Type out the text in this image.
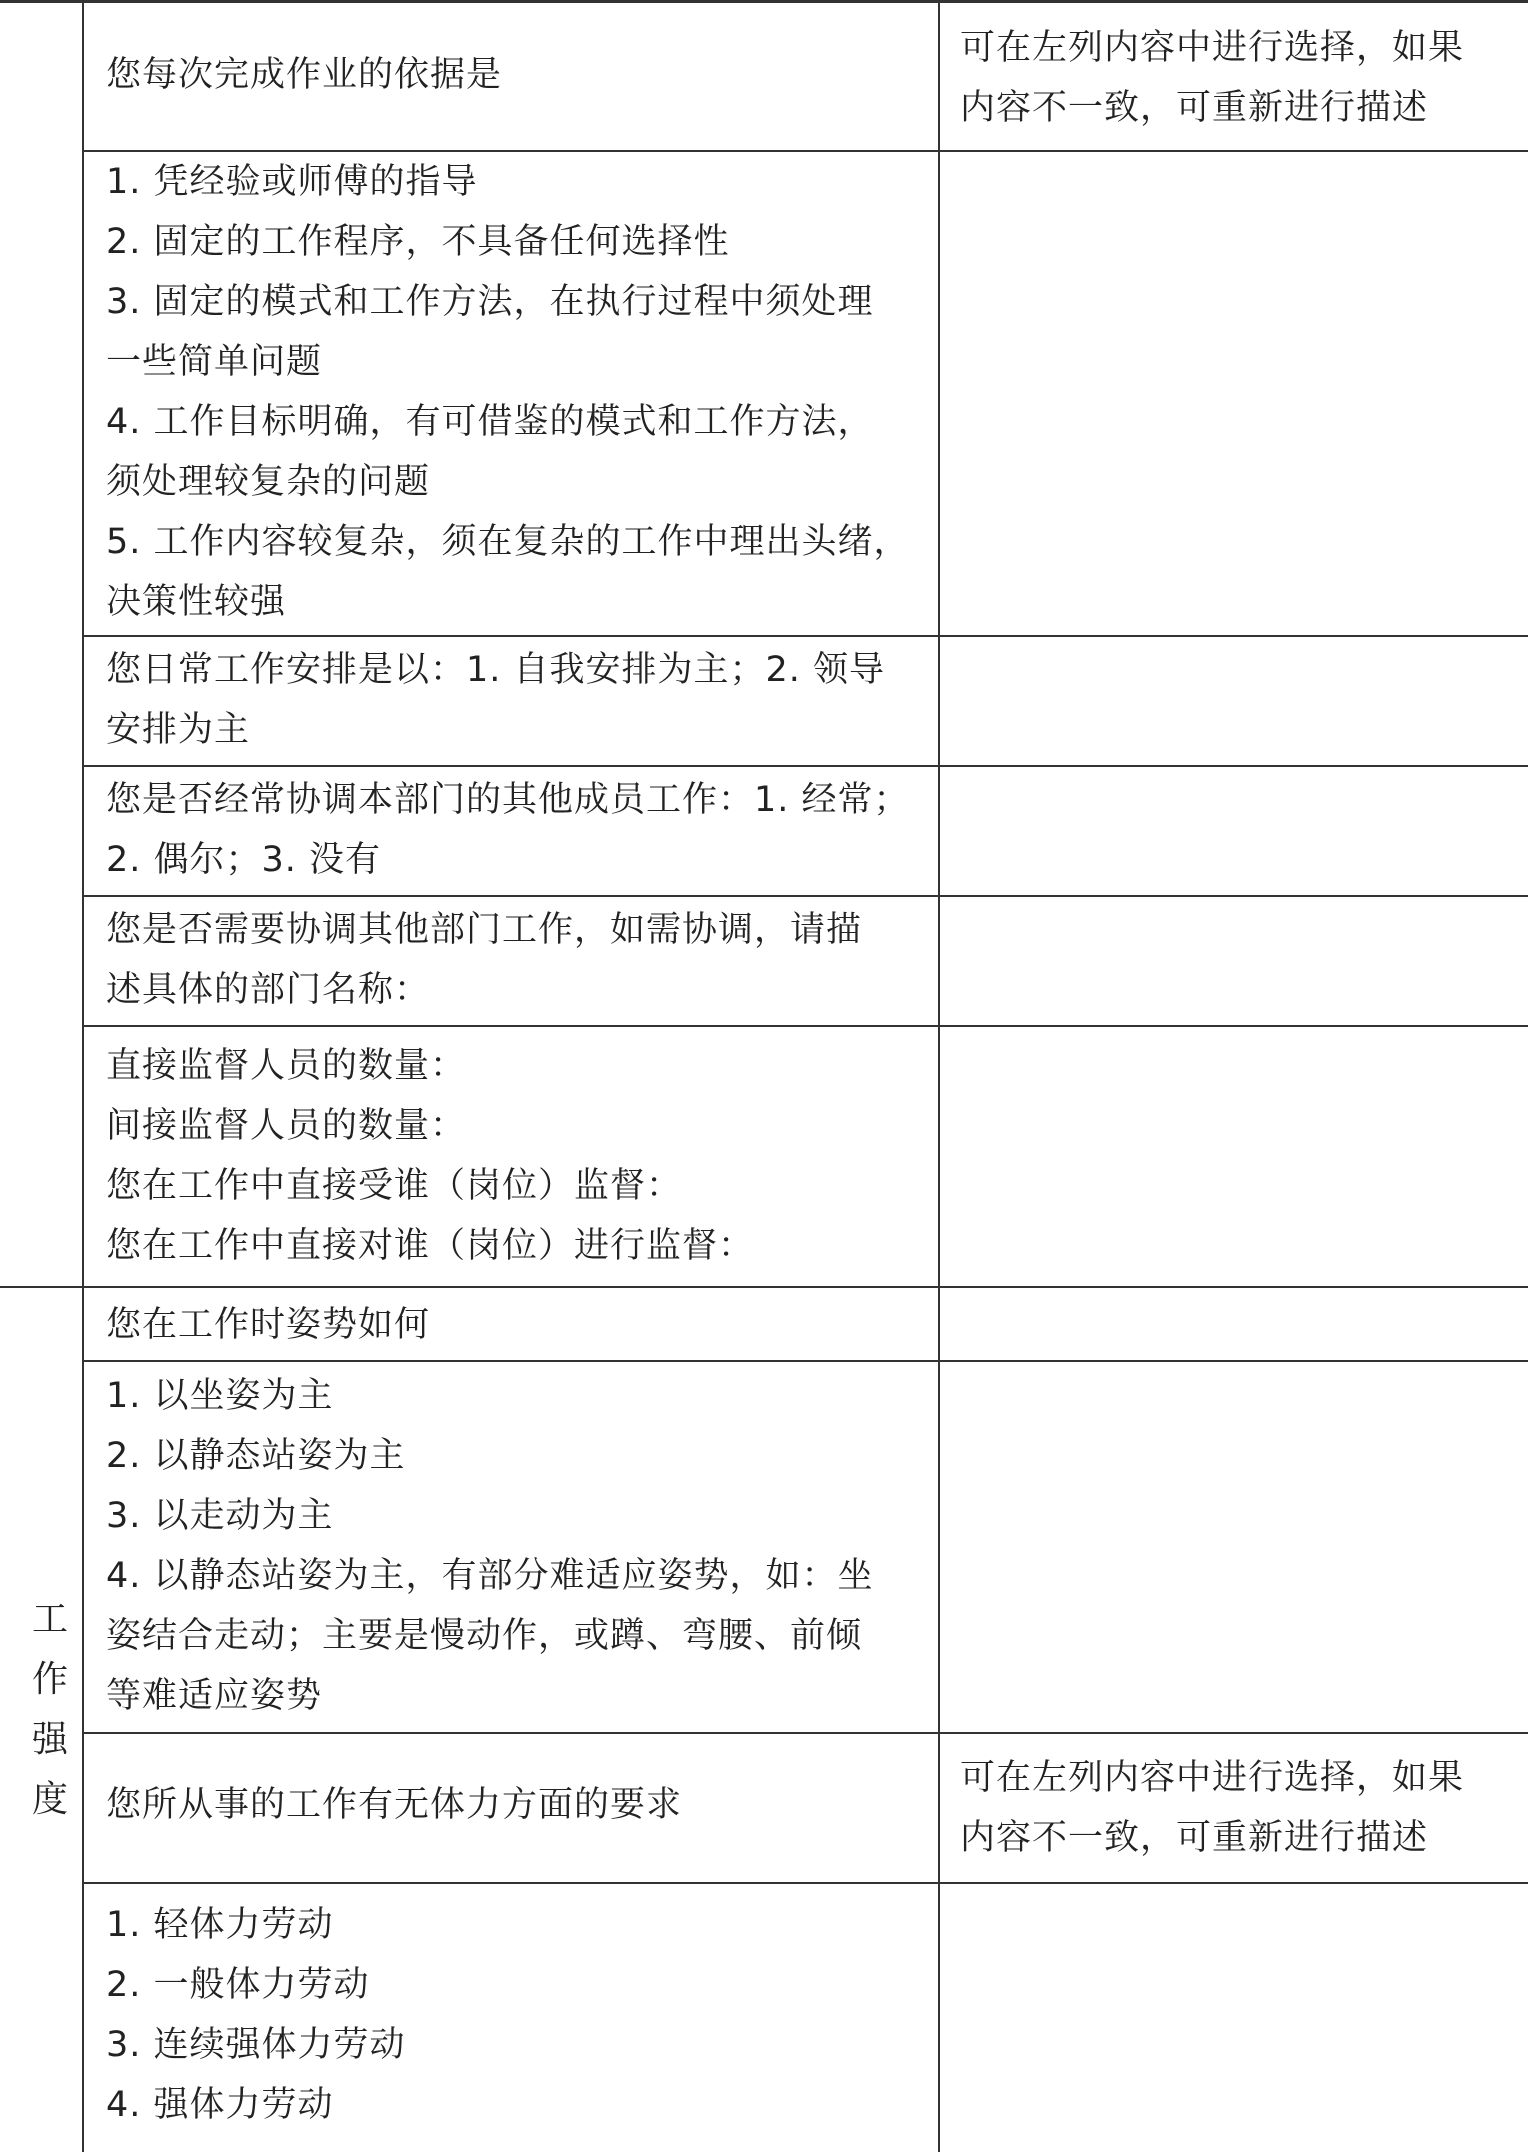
您每次完成作业的依据是
可在左列内容中进行选择，如果
内容不一致，可重新进行描述
1. 凭经验或师傅的指导
2. 固定的工作程序，不具备任何选择性
3. 固定的模式和工作方法，在执行过程中须处理
一些简单问题
4. 工作目标明确，有可借鉴的模式和工作方法，
须处理较复杂的问题
5. 工作内容较复杂，须在复杂的工作中理出头绪，
决策性较强
您日常工作安排是以：1. 自我安排为主；2. 领导
安排为主
您是否经常协调本部门的其他成员工作：1. 经常；
2. 偶尔；3. 没有
您是否需要协调其他部门工作，如需协调，请描
述具体的部门名称：
直接监督人员的数量：
间接监督人员的数量：
您在工作中直接受谁（岗位）监督：
您在工作中直接对谁（岗位）进行监督：
工
作
强
度
您在工作时姿势如何
1. 以坐姿为主
2. 以静态站姿为主
3. 以走动为主
4. 以静态站姿为主，有部分难适应姿势，如：坐
姿结合走动；主要是慢动作，或蹲、弯腰、前倾
等难适应姿势
您所从事的工作有无体力方面的要求
可在左列内容中进行选择，如果
内容不一致，可重新进行描述
1. 轻体力劳动
2. 一般体力劳动
3. 连续强体力劳动
4. 强体力劳动
